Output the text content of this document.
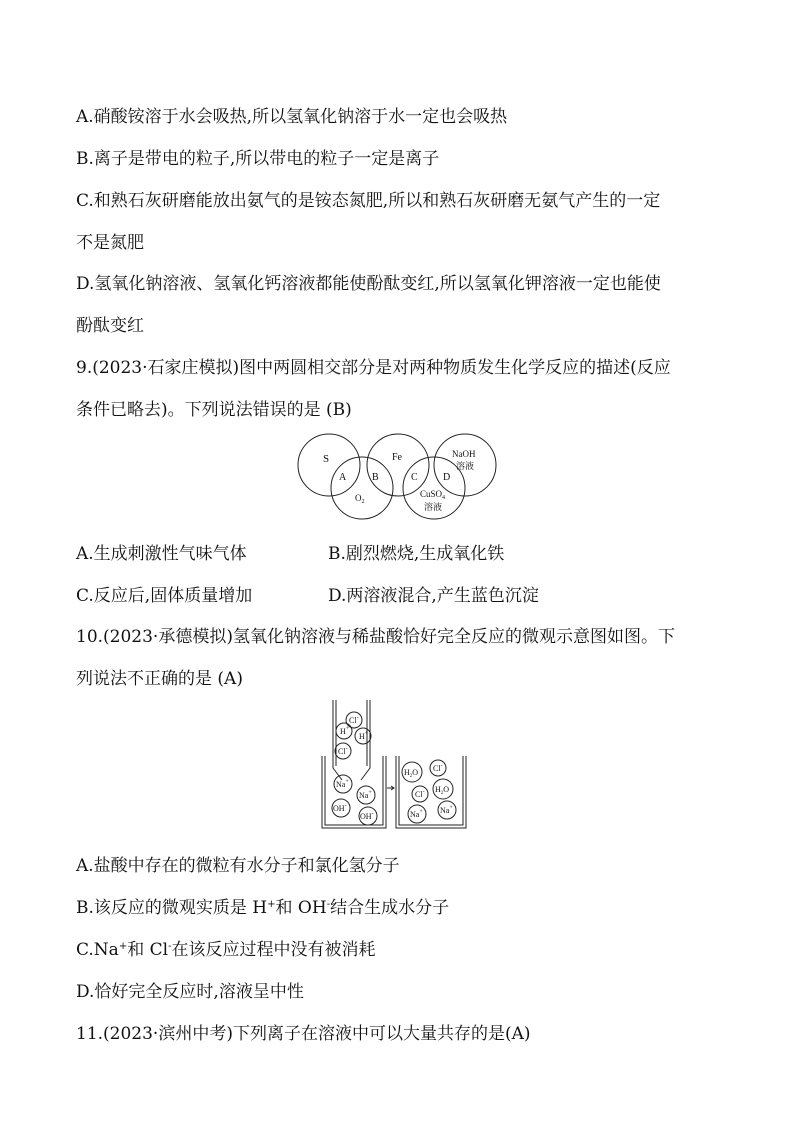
A.硝酸铵溶于水会吸热,所以氢氧化钠溶于水一定也会吸热
B.离子是带电的粒子,所以带电的粒子一定是离子
C.和熟石灰研磨能放出氨气的是铵态氮肥,所以和熟石灰研磨无氨气产生的一定
不是氮肥
D.氢氧化钠溶液、氢氧化钙溶液都能使酚酞变红,所以氢氧化钾溶液一定也能使
酚酞变红
9.(2023·石家庄模拟)图中两圆相交部分是对两种物质发生化学反应的描述(反应
条件已略去)。下列说法错误的是 (B)
S	Fe	NaOH
溶液
A	B	C	D
$O_2$
CuSO$_4$
溶液
A.生成刺激性气味气体	B.剧烈燃烧,生成氧化铁
C.反应后,固体质量增加	D.两溶液混合,产生蓝色沉淀
10.(2023·承德模拟)氢氧化钠溶液与稀盐酸恰好完全反应的微观示意图如图。下
列说法不正确的是 (A)
Cl-
H+
H+
Cl-
Na+
Na+
OH-
OH-
$H_2O$ Cl-
$H_2O$
Cl-
Na+ Na+
A.盐酸中存在的微粒有水分子和氯化氢分子
B.该反应的微观实质是 H+和 OH-结合生成水分子
C.Na+和 Cl-在该反应过程中没有被消耗
D.恰好完全反应时,溶液呈中性
11.(2023·滨州中考)下列离子在溶液中可以大量共存的是(A)
